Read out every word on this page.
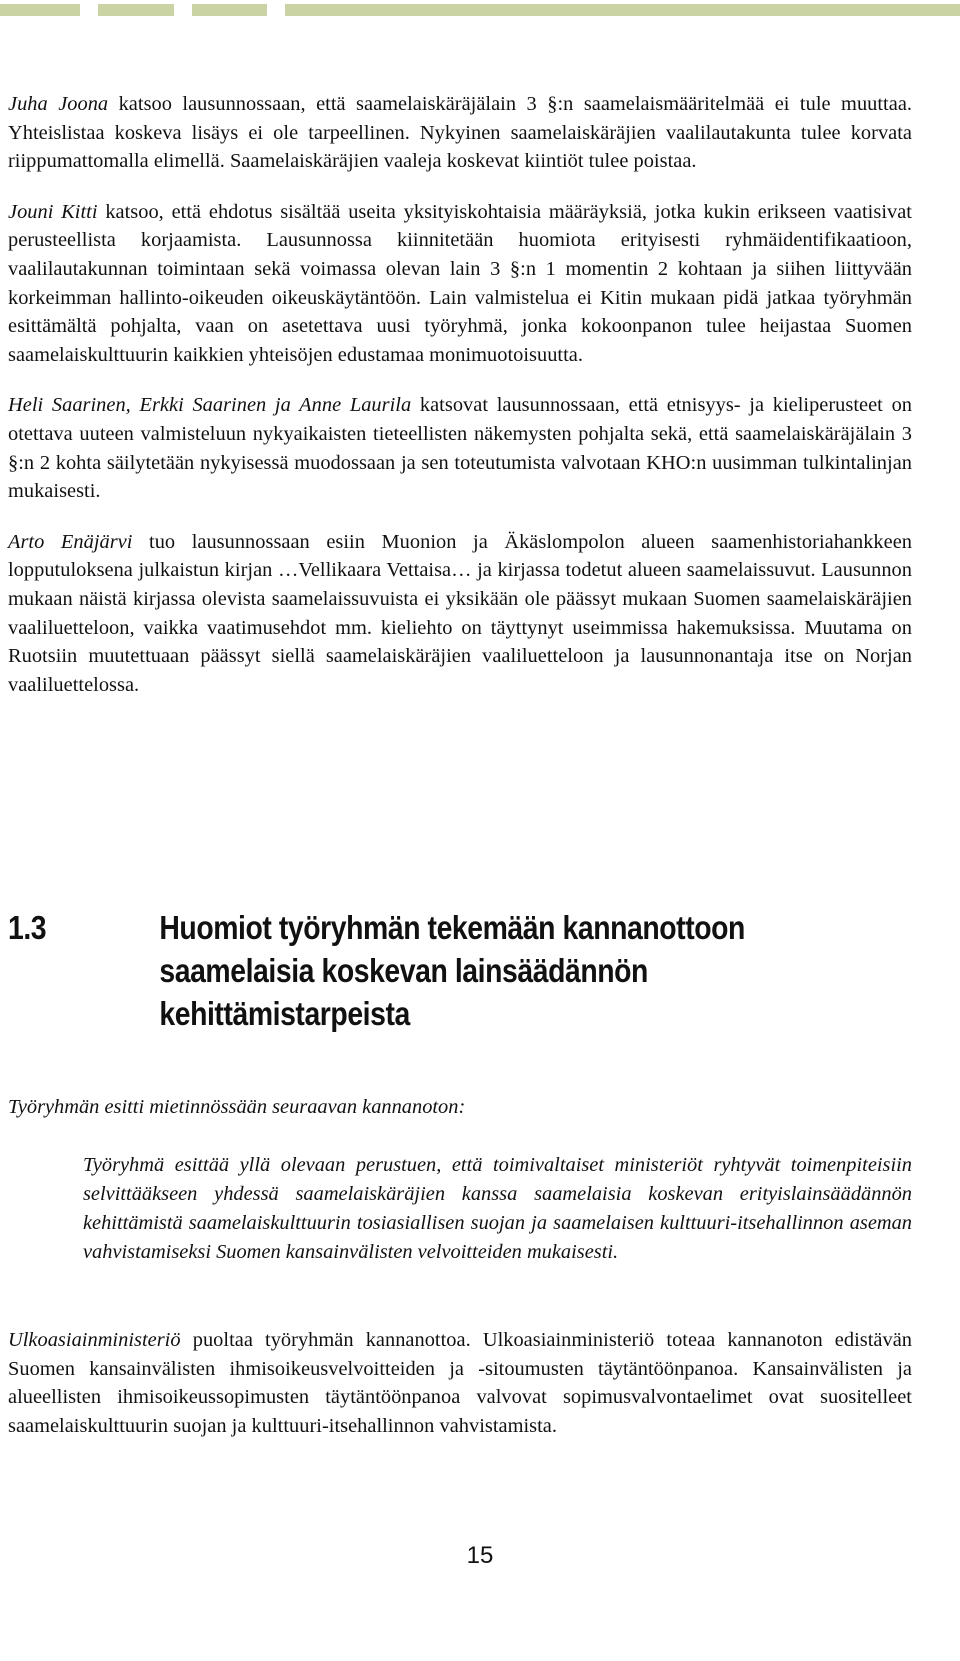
Juha Joona katsoo lausunnossaan, että saamelaiskäräjälain 3 §:n saamelaismääritelmää ei tule muuttaa. Yhteislistaa koskeva lisäys ei ole tarpeellinen. Nykyinen saamelaiskäräjien vaalilautakunta tulee korvata riippumattomalla elimellä. Saamelaiskäräjien vaaleja koskevat kiintiöt tulee poistaa.

Jouni Kitti katsoo, että ehdotus sisältää useita yksityiskohtaisia määräyksiä, jotka kukin erikseen vaatisivat perusteellista korjaamista. Lausunnossa kiinnitetään huomiota erityisesti ryhmäidentifikaatioon, vaalilautakunnan toimintaan sekä voimassa olevan lain 3 §:n 1 momentin 2 kohtaan ja siihen liittyvään korkeimman hallinto-oikeuden oikeuskäytäntöön. Lain valmistelua ei Kitin mukaan pidä jatkaa työryhmän esittämältä pohjalta, vaan on asetettava uusi työryhmä, jonka kokoonpanon tulee heijastaa Suomen saamelaiskulttuurin kaikkien yhteisöjen edustamaa monimuotoisuutta.

Heli Saarinen, Erkki Saarinen ja Anne Laurila katsovat lausunnossaan, että etnisyys- ja kieliperusteet on otettava uuteen valmisteluun nykyaikaisten tieteellisten näkemysten pohjalta sekä, että saamelaiskäräjälain 3 §:n 2 kohta säilytetään nykyisessä muodossaan ja sen toteutumista valvotaan KHO:n uusimman tulkintalinjan mukaisesti.

Arto Enäjärvi tuo lausunnossaan esiin Muonion ja Äkäslompolon alueen saamenhistoriahankkeen lopputuloksena julkaistun kirjan …Vellikaara Vettaisa… ja kirjassa todetut alueen saamelaissuvut. Lausunnon mukaan näistä kirjassa olevista saamelaissuvuista ei yksikään ole päässyt mukaan Suomen saamelaiskäräjien vaaliluetteloon, vaikka vaatimusehdot mm. kieliehto on täyttynyt useimmissa hakemuksissa. Muutama on Ruotsiin muutettuaan päässyt siellä saamelaiskäräjien vaaliluetteloon ja lausunnonantaja itse on Norjan vaaliluettelossa.

1.3	Huomiot työryhmän tekemään kannanottoon saamelaisia koskevan lainsäädännön kehittämistarpeista
Työryhmän esitti mietinnössään seuraavan kannanoton:
Työryhmä esittää yllä olevaan perustuen, että toimivaltaiset ministeriöt ryhtyvät toimenpiteisiin selvittääkseen yhdessä saamelaiskäräjien kanssa saamelaisia koskevan erityislainsäädännön kehittämistä saamelaiskulttuurin tosiasiallisen suojan ja saamelaisen kulttuuri-itsehallinnon aseman vahvistamiseksi Suomen kansainvälisten velvoitteiden mukaisesti.

Ulkoasiainministeriö puoltaa työryhmän kannanottoa. Ulkoasiainministeriö toteaa kannanoton edistävän Suomen kansainvälisten ihmisoikeusvelvoitteiden ja -sitoumusten täytäntöönpanoa. Kansainvälisten ja alueellisten ihmisoikeussopimusten täytäntöönpanoa valvovat sopimusvalvontaelimet ovat suositelleet saamelaiskulttuurin suojan ja kulttuuri-itsehallinnon vahvistamista.

15
